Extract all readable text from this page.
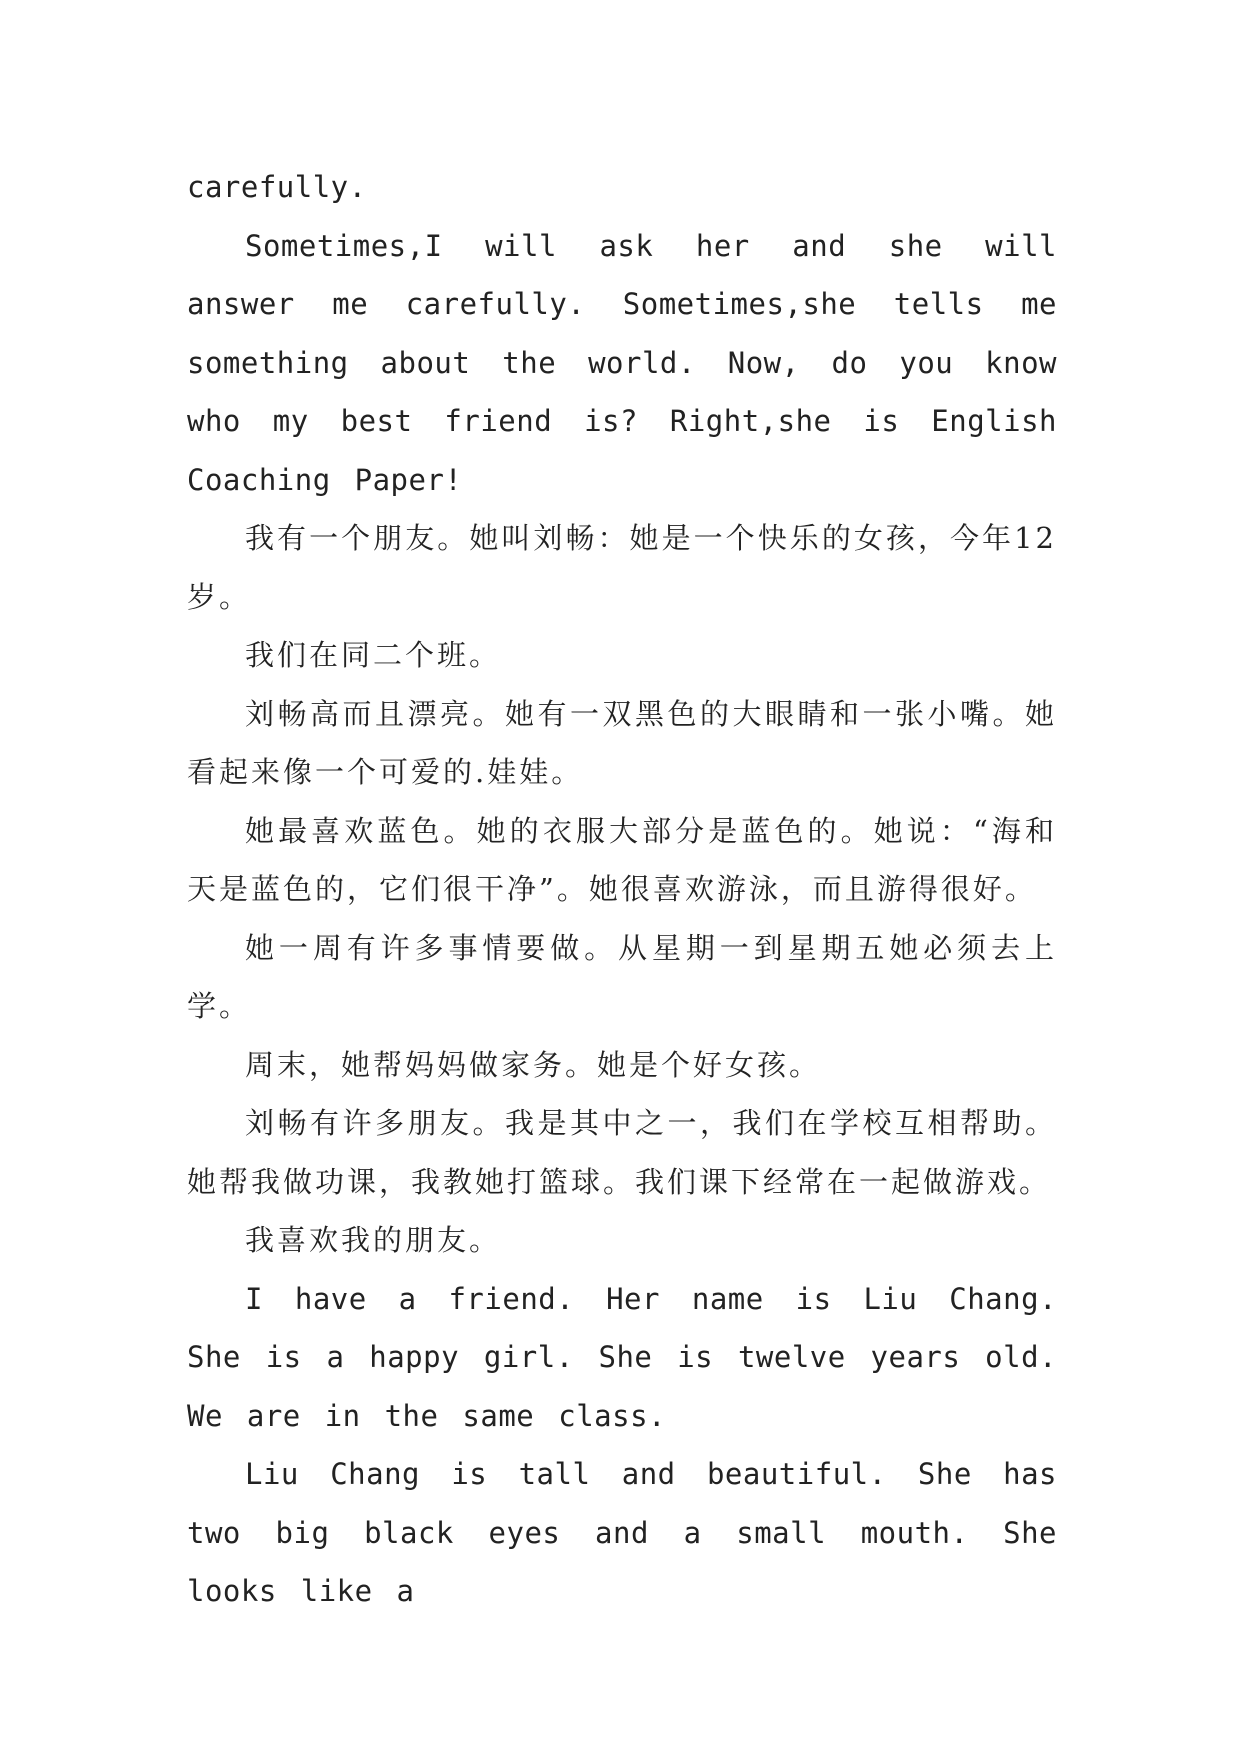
carefully.

Sometimes,I will ask her and she will answer me carefully. Sometimes,she tells me something about the world. Now, do you know who my best friend is? Right,she is English Coaching Paper!

我有一个朋友。她叫刘畅：她是一个快乐的女孩，今年12岁。

我们在同二个班。

刘畅高而且漂亮。她有一双黑色的大眼睛和一张小嘴。她看起来像一个可爱的.娃娃。

她最喜欢蓝色。她的衣服大部分是蓝色的。她说：“海和天是蓝色的，它们很干净”。她很喜欢游泳，而且游得很好。

她一周有许多事情要做。从星期一到星期五她必须去上学。

周末，她帮妈妈做家务。她是个好女孩。

刘畅有许多朋友。我是其中之一，我们在学校互相帮助。她帮我做功课，我教她打篮球。我们课下经常在一起做游戏。

我喜欢我的朋友。

I have a friend. Her name is Liu Chang. She is a happy girl. She is twelve years old. We are in the same class.

Liu Chang is tall and beautiful. She has two big black eyes and a small mouth. She looks like a
